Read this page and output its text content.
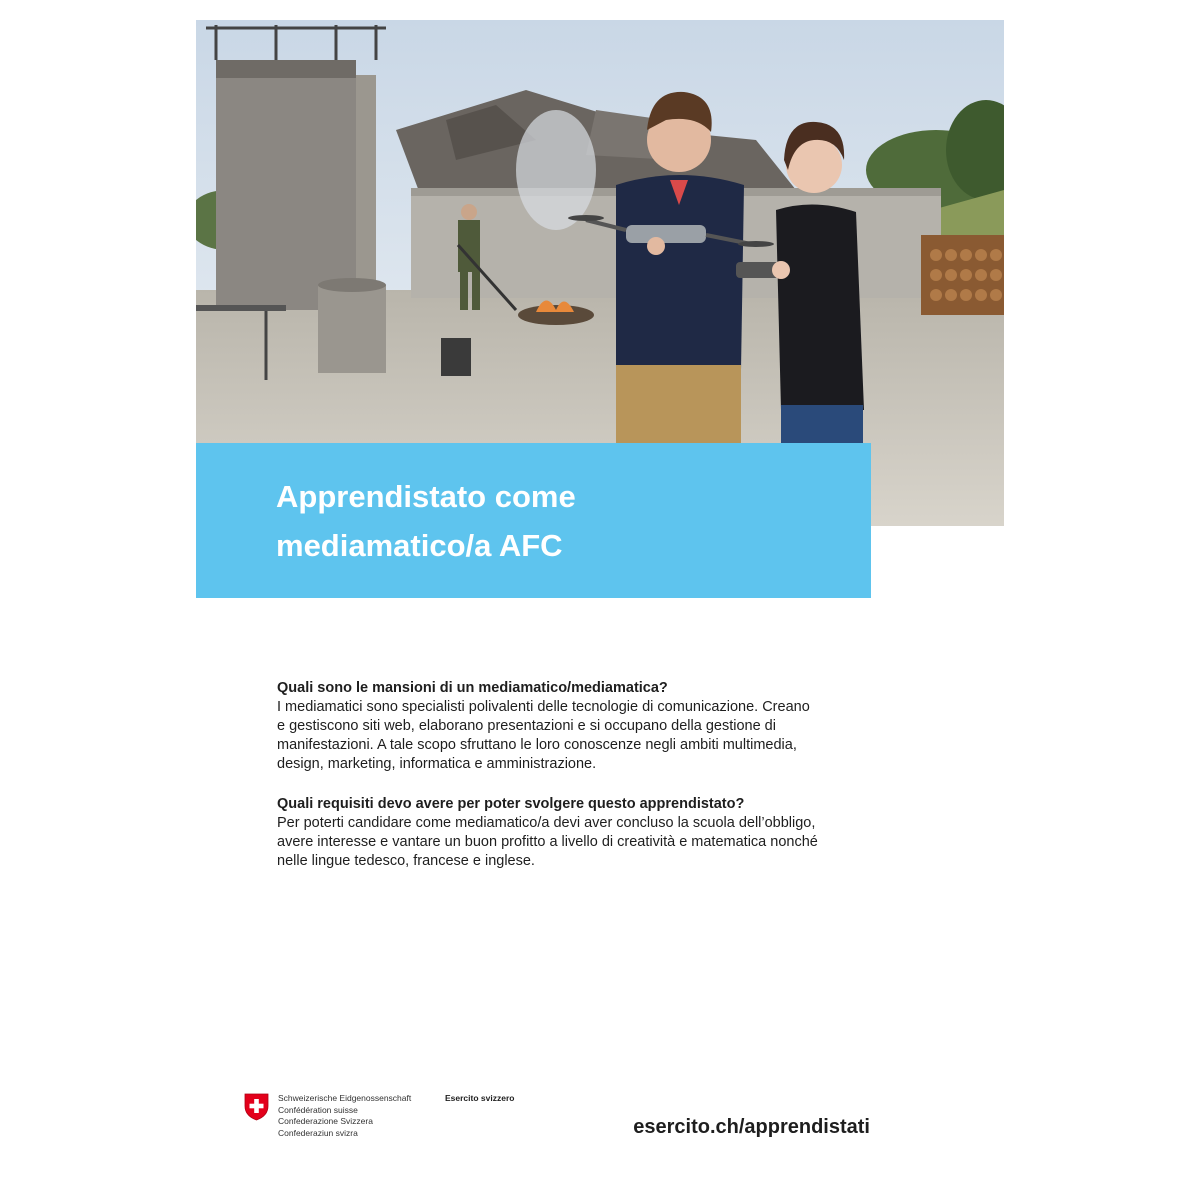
Apprendistato come
mediamatico/a AFC

Quali sono le mansioni di un mediamatico/mediamatica?

I mediamatici sono specialisti polivalenti delle tecnologie di comunicazione. Creano

e gestiscono siti web, elaborano presentazioni e si occupano della gestione di

manifestazioni. A tale scopo sfruttano le loro conoscenze negli ambiti multimedia,

design, marketing, informatica e amministrazione.

Quali requisiti devo avere per poter svolgere questo apprendistato?

Per poterti candidare come mediamatico/a devi aver concluso la scuola dell’obbligo,

avere interesse e vantare un buon profitto a livello di creatività e matematica nonché

nelle lingue tedesco, francese e inglese.

Schweizerische Eidgenossenschaft
Confédération suisse
Confederazione Svizzera
Confederaziun svizra
Esercito svizzero
esercito.ch/apprendistati
